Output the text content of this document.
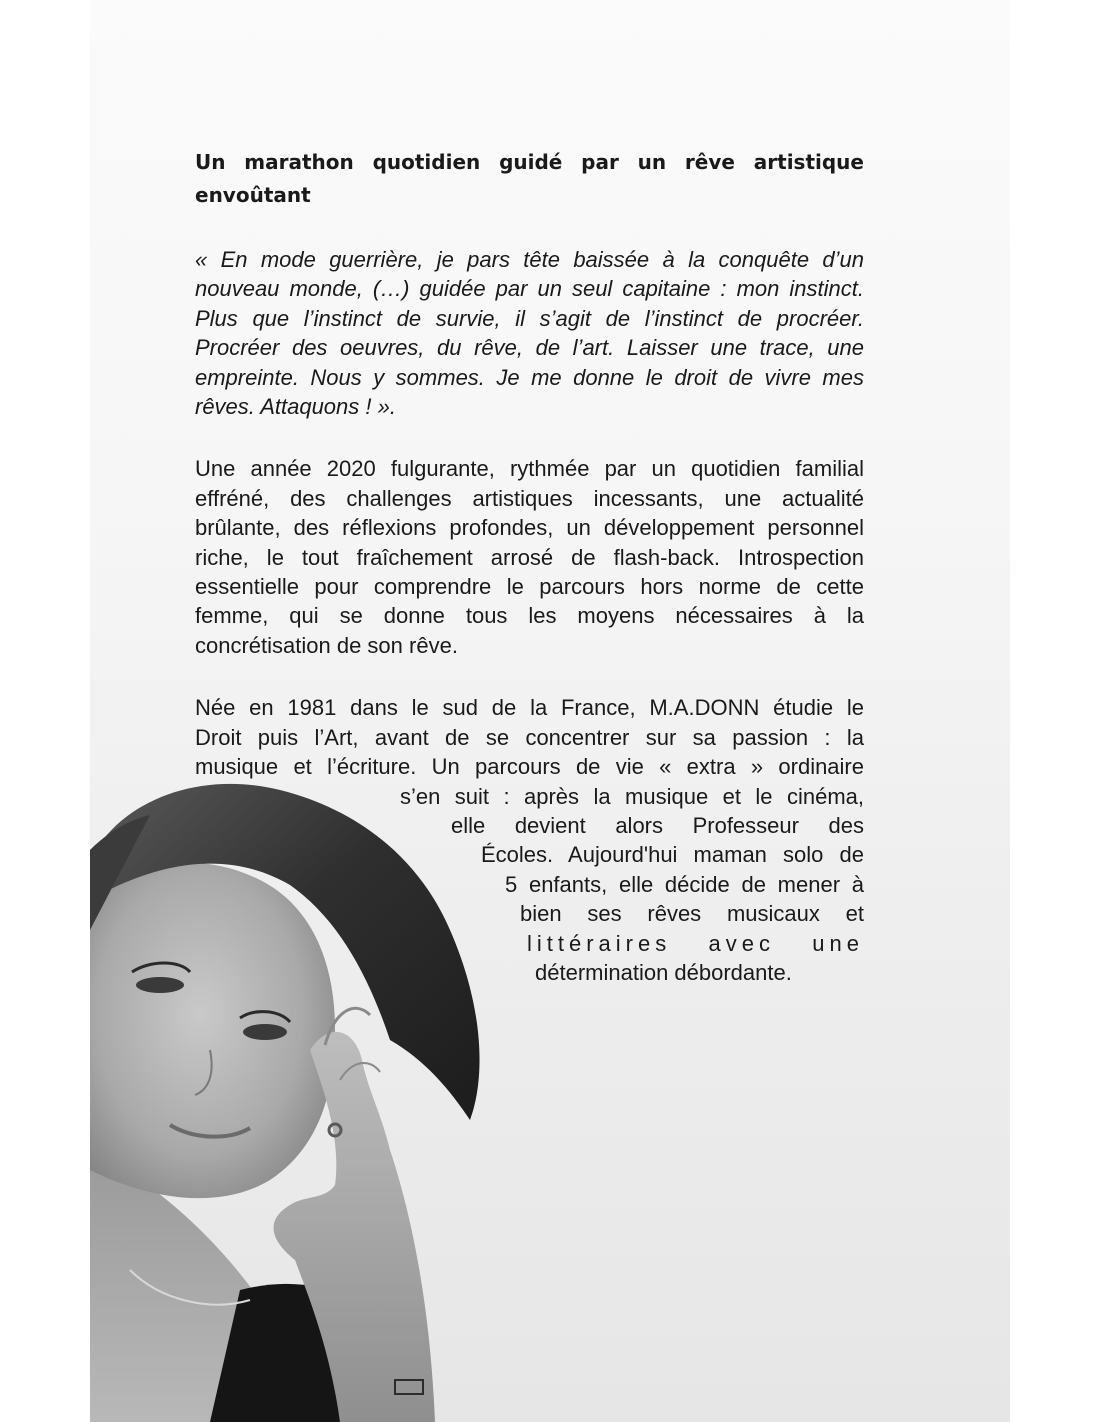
Un marathon quotidien guidé par un rêve artistique envoûtant

« En mode guerrière, je pars tête baissée à la conquête d’un nouveau monde, (…) guidée par un seul capitaine : mon instinct. Plus que l’instinct de survie, il s’agit de l’instinct de procréer. Procréer des oeuvres, du rêve, de l’art. Laisser une trace, une empreinte. Nous y sommes. Je me donne le droit de vivre mes rêves. Attaquons ! ».

Une année 2020 fulgurante, rythmée par un quotidien familial effréné, des challenges artistiques incessants, une actualité brûlante, des réflexions profondes, un développement personnel riche, le tout fraîchement arrosé de flash-back. Introspection essentielle pour comprendre le parcours hors norme de cette femme, qui se donne tous les moyens nécessaires à la concrétisation de son rêve.

Née en 1981 dans le sud de la France, M.A.DONN étudie le
Droit puis l’Art, avant de se concentrer sur sa passion : la
musique et l’écriture. Un parcours de vie « extra » ordinaire
s’en suit : après la musique et le cinéma,
elle devient alors Professeur des
Écoles. Aujourd'hui maman solo de
5 enfants, elle décide de mener à
bien ses rêves musicaux et
littéraires avec une
détermination débordante.
